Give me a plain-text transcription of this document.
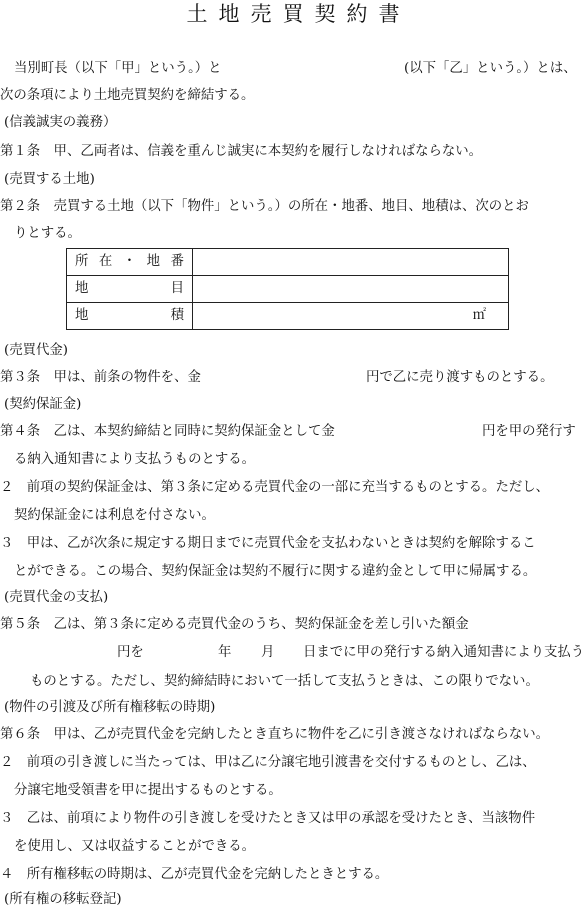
土地売買契約書
当別町長（以下「甲」という。）と	(以下「乙」という。）とは、
次の条項により土地売買契約を締結する。
(信義誠実の義務）
第１条　甲、乙両者は、信義を重んじ誠実に本契約を履行しなければならない。
(売買する土地)
第２条　売買する土地（以下「物件」という。）の所在・地番、地目、地積は、次のとお
りとする。
所 在 ・ 地 番	

地 目	

地 積	㎡
(売買代金)
第３条　甲は、前条の物件を、金	円で乙に売り渡すものとする。
(契約保証金)
第４条　乙は、本契約締結と同時に契約保証金として金	円を甲の発行す
る納入通知書により支払うものとする。
２　前項の契約保証金は、第３条に定める売買代金の一部に充当するものとする。ただし、
契約保証金には利息を付さない。
３　甲は、乙が次条に規定する期日までに売買代金を支払わないときは契約を解除するこ
とができる。この場合、契約保証金は契約不履行に関する違約金として甲に帰属する。
(売買代金の支払)
第５条　乙は、第３条に定める売買代金のうち、契約保証金を差し引いた額金
円を	年 月 日までに甲の発行する納入通知書により支払う
ものとする。ただし、契約締結時において一括して支払うときは、この限りでない。
(物件の引渡及び所有権移転の時期)
第６条　甲は、乙が売買代金を完納したとき直ちに物件を乙に引き渡さなければならない。
２　前項の引き渡しに当たっては、甲は乙に分譲宅地引渡書を交付するものとし、乙は、
分譲宅地受領書を甲に提出するものとする。
３　乙は、前項により物件の引き渡しを受けたとき又は甲の承認を受けたとき、当該物件
を使用し、又は収益することができる。
４　所有権移転の時期は、乙が売買代金を完納したときとする。
(所有権の移転登記)
